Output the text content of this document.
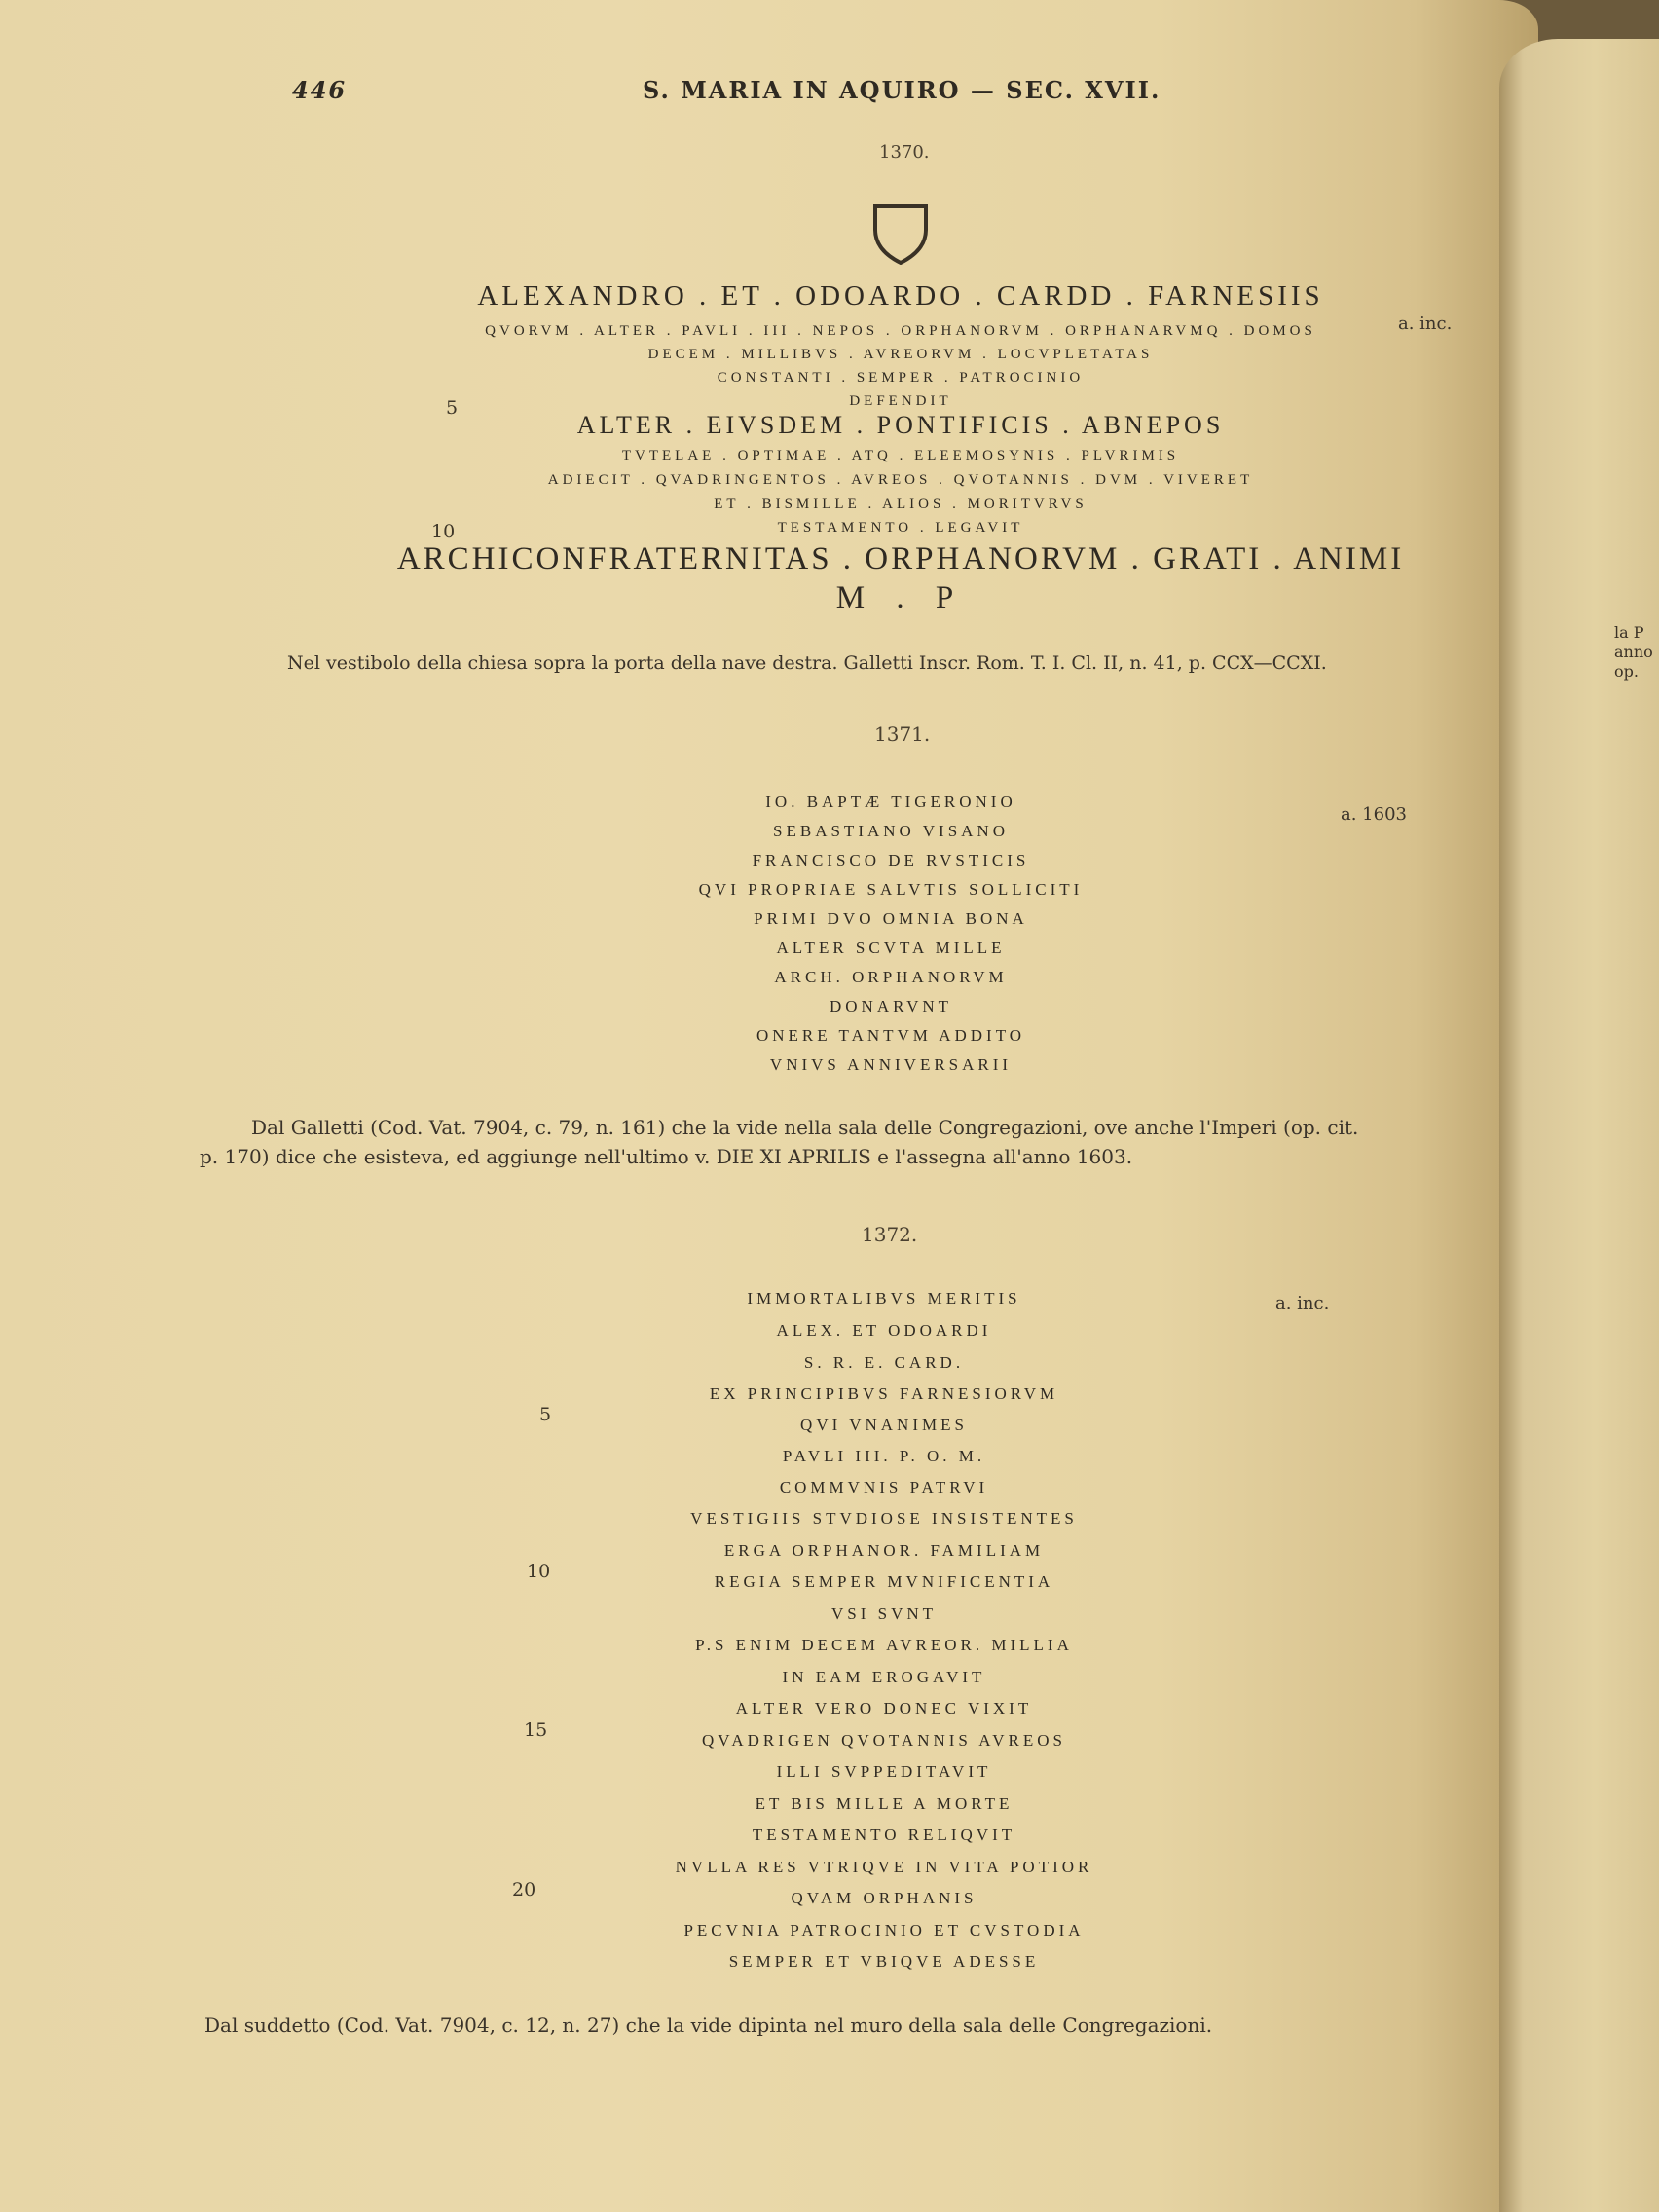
la P
anno
op.
446	S. MARIA IN AQUIRO — SEC. XVII.
1370.
a. inc.
5
10
ALEXANDRO . ET . ODOARDO . CARDD . FARNESIIS
QVORVM . ALTER . PAVLI . III . NEPOS . ORPHANORVM . ORPHANARVMQ . DOMOS
DECEM . MILLIBVS . AVREORVM . LOCVPLETATAS
CONSTANTI . SEMPER . PATROCINIO
DEFENDIT
ALTER . EIVSDEM . PONTIFICIS . ABNEPOS
TVTELAE . OPTIMAE . ATQ . ELEEMOSYNIS . PLVRIMIS
ADIECIT . QVADRINGENTOS . AVREOS . QVOTANNIS . DVM . VIVERET
ET . BISMILLE . ALIOS . MORITVRVS
TESTAMENTO . LEGAVIT
ARCHICONFRATERNITAS . ORPHANORVM . GRATI . ANIMI
M . P
Nel vestibolo della chiesa sopra la porta della nave destra. Galletti Inscr. Rom. T. I. Cl. II, n. 41, p. CCX—CCXI.
1371.
a. 1603
IO. BAPTÆ TIGERONIO
SEBASTIANO VISANO
FRANCISCO DE RVSTICIS
QVI PROPRIAE SALVTIS SOLLICITI
PRIMI DVO OMNIA BONA
ALTER SCVTA MILLE
ARCH. ORPHANORVM
DONARVNT
ONERE TANTVM ADDITO
VNIVS ANNIVERSARII
Dal Galletti (Cod. Vat. 7904, c. 79, n. 161) che la vide nella sala delle Congregazioni, ove anche l'Imperi (op. cit.
p. 170) dice che esisteva, ed aggiunge nell'ultimo v. DIE XI APRILIS e l'assegna all'anno 1603.
1372.
a. inc.
5
10
15
20
IMMORTALIBVS MERITIS
ALEX. ET ODOARDI
S. R. E. CARD.
EX PRINCIPIBVS FARNESIORVM
QVI VNANIMES
PAVLI III. P. O. M.
COMMVNIS PATRVI
VESTIGIIS STVDIOSE INSISTENTES
ERGA ORPHANOR. FAMILIAM
REGIA SEMPER MVNIFICENTIA
VSI SVNT
P.S ENIM DECEM AVREOR. MILLIA
IN EAM EROGAVIT
ALTER VERO DONEC VIXIT
QVADRIGEN QVOTANNIS AVREOS
ILLI SVPPEDITAVIT
ET BIS MILLE A MORTE
TESTAMENTO RELIQVIT
NVLLA RES VTRIQVE IN VITA POTIOR
QVAM ORPHANIS
PECVNIA PATROCINIO ET CVSTODIA
SEMPER ET VBIQVE ADESSE
Dal suddetto (Cod. Vat. 7904, c. 12, n. 27) che la vide dipinta nel muro della sala delle Congregazioni.
